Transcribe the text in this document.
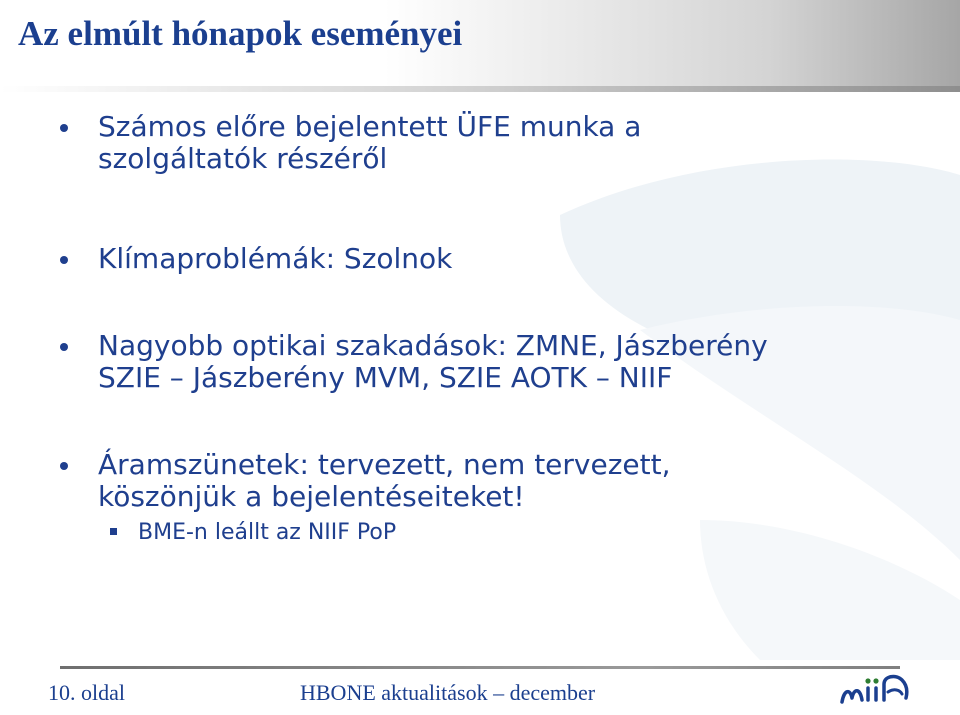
Az elmúlt hónapok eseményei
Számos előre bejelentett ÜFE munka a
szolgáltatók részéről
Klímaproblémák: Szolnok
Nagyobb optikai szakadások: ZMNE, Jászberény
SZIE – Jászberény MVM, SZIE AOTK – NIIF
Áramszünetek: tervezett, nem tervezett,
köszönjük a bejelentéseiteket!
BME-n leállt az NIIF PoP
10. oldal	HBONE aktualitások – december
